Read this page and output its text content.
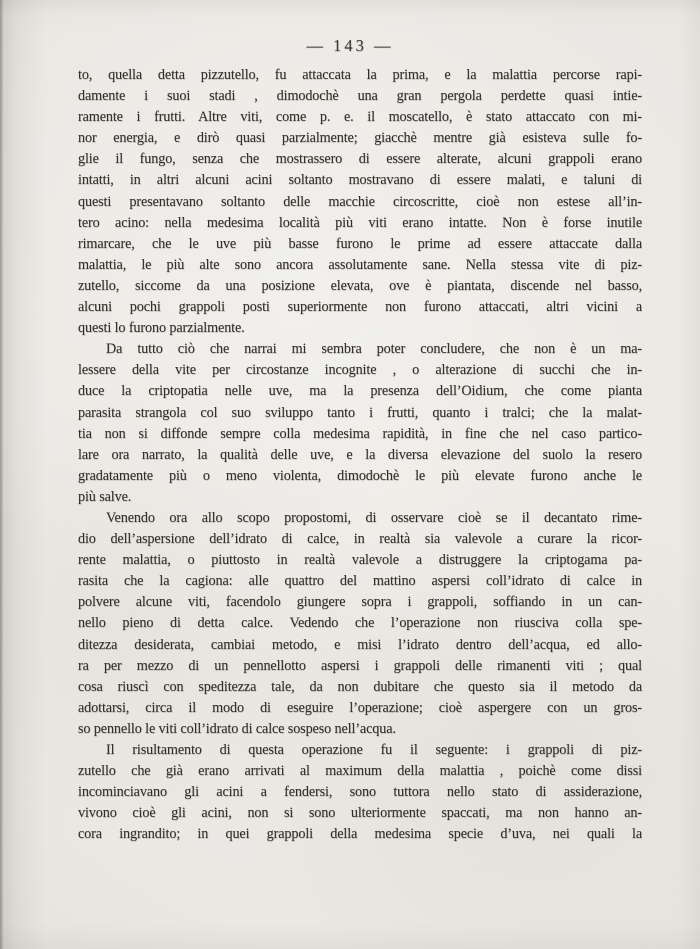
— 143 —
to, quella detta pizzutello, fu attaccata la prima, e la malattia percorse rapi-
damente i suoi stadi , dimodochè una gran pergola perdette quasi intie-
ramente i frutti. Altre viti, come p. e. il moscatello, è stato attaccato con mi-
nor energia, e dirò quasi parzialmente; giacchè mentre già esisteva sulle fo-
glie il fungo, senza che mostrassero di essere alterate, alcuni grappoli erano
intatti, in altri alcuni acini soltanto mostravano di essere malati, e taluni di
questi presentavano soltanto delle macchie circoscritte, cioè non estese all’in-
tero acino: nella medesima località più viti erano intatte. Non è forse inutile
rimarcare, che le uve più basse furono le prime ad essere attaccate dalla
malattia, le più alte sono ancora assolutamente sane. Nella stessa vite di piz-
zutello, siccome da una posizione elevata, ove è piantata, discende nel basso,
alcuni pochi grappoli posti superiormente non furono attaccati, altri vicini a
questi lo furono parzialmente.
Da tutto ciò che narrai mi sembra poter concludere, che non è un ma-
lessere della vite per circostanze incognite , o alterazione di succhi che in-
duce la criptopatia nelle uve, ma la presenza dell’Oidium, che come pianta
parasita strangola col suo sviluppo tanto i frutti, quanto i tralci; che la malat-
tia non si diffonde sempre colla medesima rapidità, in fine che nel caso partico-
lare ora narrato, la qualità delle uve, e la diversa elevazione del suolo la resero
gradatamente più o meno violenta, dimodochè le più elevate furono anche le
più salve.
Venendo ora allo scopo propostomi, di osservare cioè se il decantato rime-
dio dell’aspersione dell’idrato di calce, in realtà sia valevole a curare la ricor-
rente malattia, o piuttosto in realtà valevole a distruggere la criptogama pa-
rasita che la cagiona: alle quattro del mattino aspersi coll’idrato di calce in
polvere alcune viti, facendolo giungere sopra i grappoli, soffiando in un can-
nello pieno di detta calce. Vedendo che l’operazione non riusciva colla spe-
ditezza desiderata, cambiai metodo, e misi l’idrato dentro dell’acqua, ed allo-
ra per mezzo di un pennellotto aspersi i grappoli delle rimanenti viti ; qual
cosa riuscì con speditezza tale, da non dubitare che questo sia il metodo da
adottarsi, circa il modo di eseguire l’operazione; cioè aspergere con un gros-
so pennello le viti coll’idrato di calce sospeso nell’acqua.
Il risultamento di questa operazione fu il seguente: i grappoli di piz-
zutello che già erano arrivati al maximum della malattia , poichè come dissi
incominciavano gli acini a fendersi, sono tuttora nello stato di assiderazione,
vivono cioè gli acini, non si sono ulteriormente spaccati, ma non hanno an-
cora ingrandito; in quei grappoli della medesima specie d’uva, nei quali la
